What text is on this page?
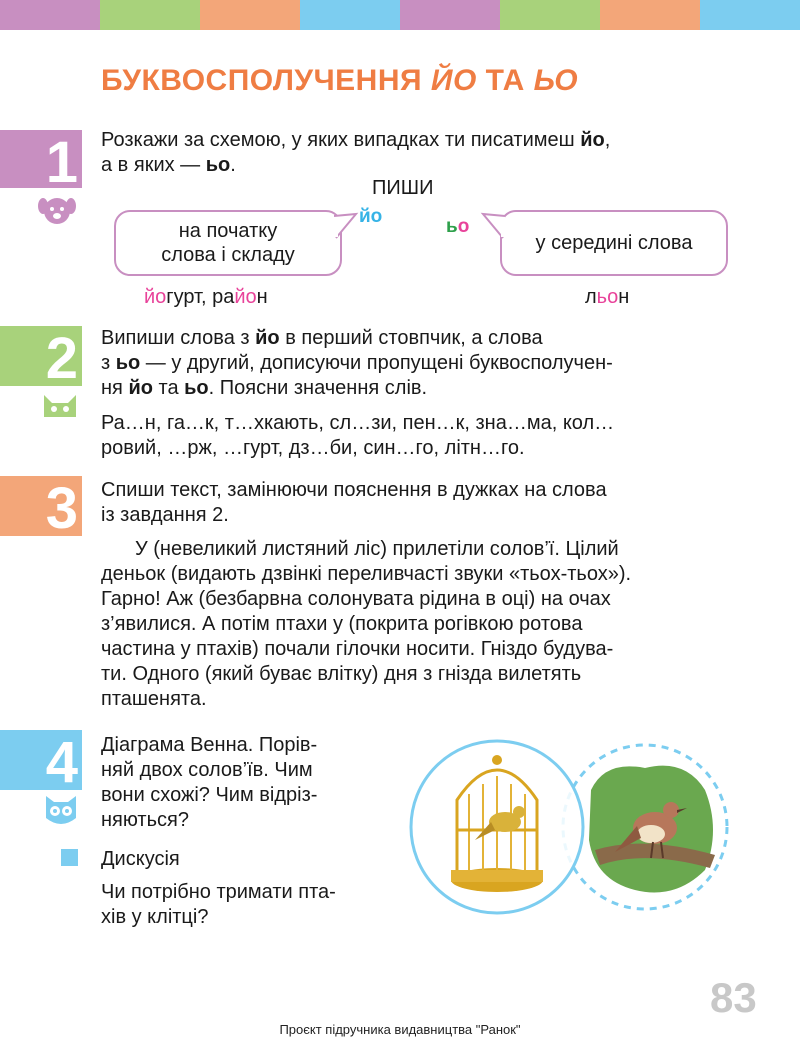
БУКВОСПОЛУЧЕННЯ ЙО ТА ЬО
1 Розкажи за схемою, у яких випадках ти писатимеш йо,
а в яких — ьо.
ПИШИ
йо	ьо
на початку
слова і складу
у середині слова
йогурт, район	льон
2 Випиши слова з йо в перший стовпчик, а слова
з ьо — у другий, дописуючи пропущені буквосполучен-
ня йо та ьо. Поясни значення слів.
Ра…н, га…к, т…хкають, сл…зи, пен…к, зна…ма, кол…
ровий, …рж, …гурт, дз…би, син…го, літн…го.
3 Спиши текст, замінюючи пояснення в дужках на слова
із завдання 2.
У (невеликий листяний ліс) прилетіли солов’ї. Цілий
деньок (видають дзвінкі переливчасті звуки «тьох-тьох»).
Гарно! Аж (безбарвна солонувата рідина в оці) на очах
з’явилися. А потім птахи у (покрита рогівкою ротова
частина у птахів) почали гілочки носити. Гніздо будува-
ти. Одного (який буває влітку) дня з гнізда вилетять
пташенята.
4 Діаграма Венна. Порів-
няй двох солов’їв. Чим
вони схожі? Чим відріз-
няються?
Дискусія
Чи потрібно тримати пта-
хів у клітці?
83
Проєкт підручника видавництва "Ранок"
